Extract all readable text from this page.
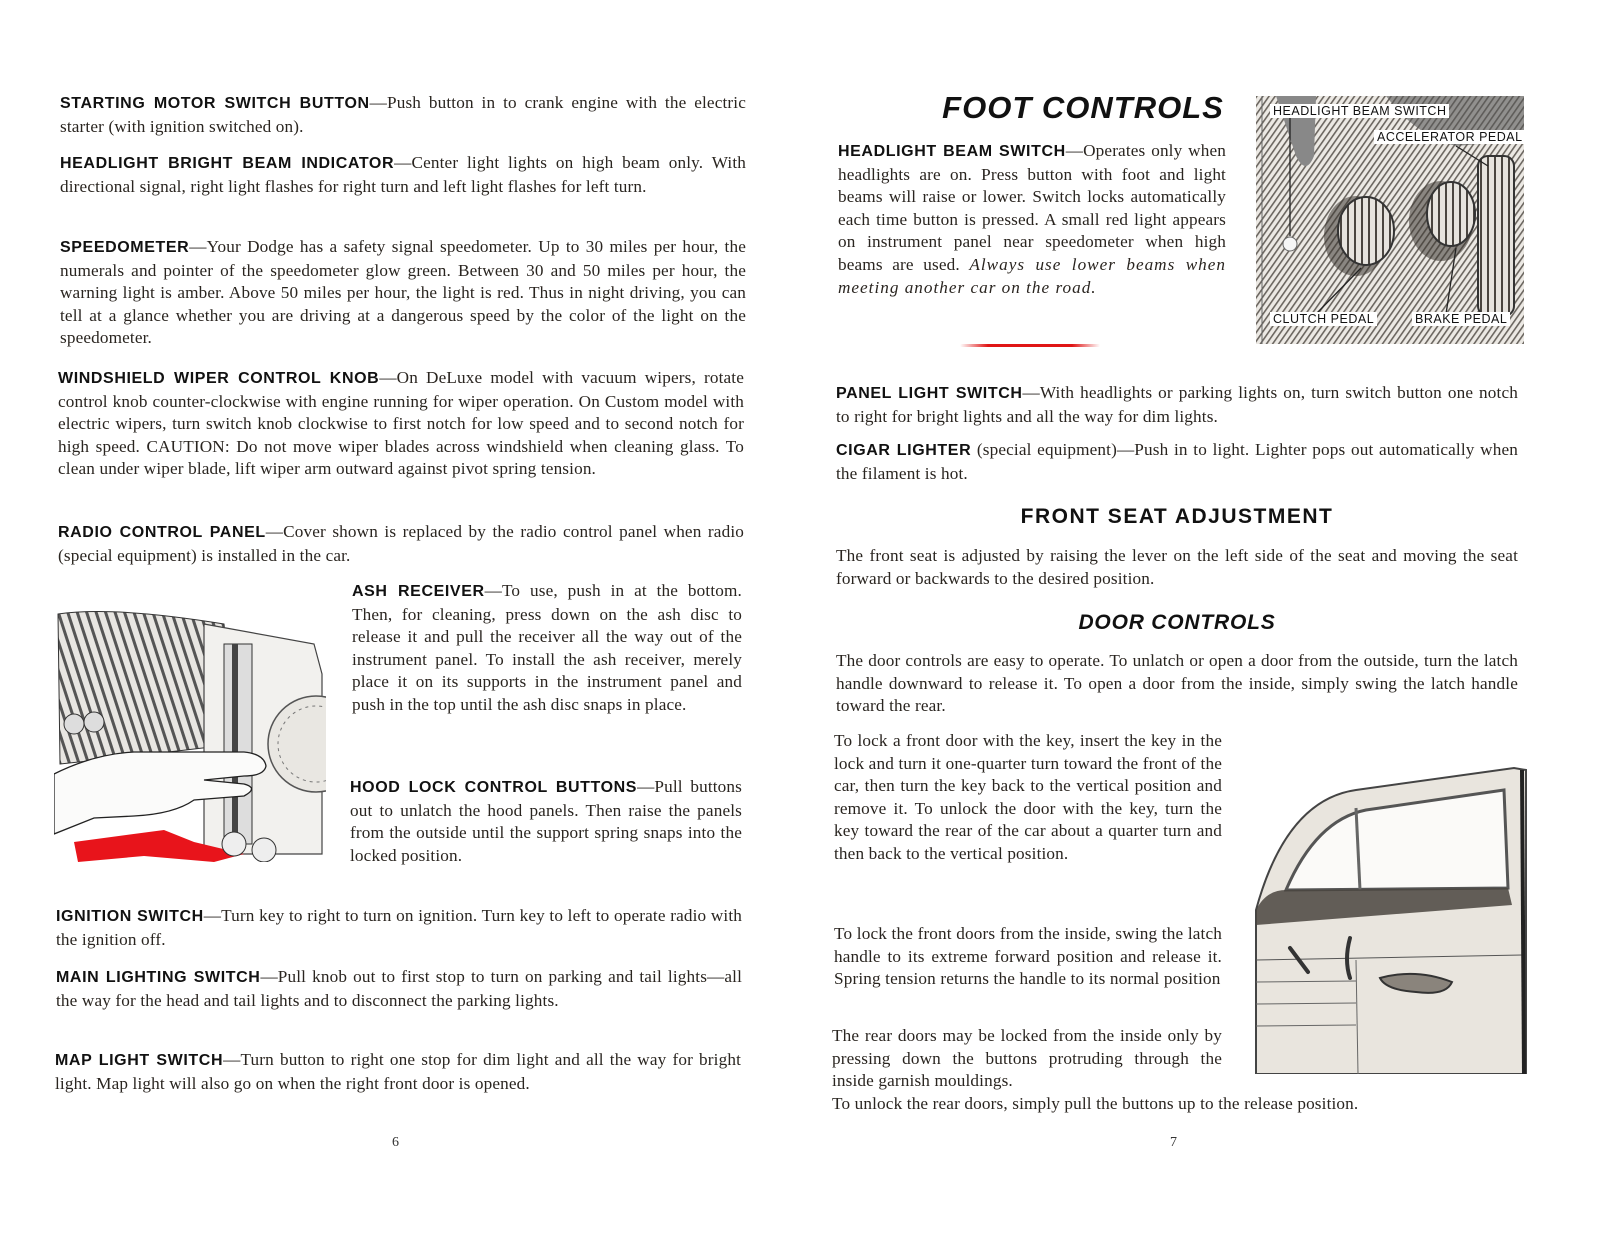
STARTING MOTOR SWITCH BUTTON—Push button in to crank engine with the electric starter (with ignition switched on).
HEADLIGHT BRIGHT BEAM INDICATOR—Center light lights on high beam only. With directional signal, right light flashes for right turn and left light flashes for left turn.
SPEEDOMETER—Your Dodge has a safety signal speedometer. Up to 30 miles per hour, the numerals and pointer of the speedometer glow green. Between 30 and 50 miles per hour, the warning light is amber. Above 50 miles per hour, the light is red. Thus in night driving, you can tell at a glance whether you are driving at a dangerous speed by the color of the light on the speedometer.
WINDSHIELD WIPER CONTROL KNOB—On DeLuxe model with vacuum wipers, rotate control knob counter-clockwise with engine running for wiper operation. On Custom model with electric wipers, turn switch knob clockwise to first notch for low speed and to second notch for high speed. CAUTION: Do not move wiper blades across windshield when cleaning glass. To clean under wiper blade, lift wiper arm outward against pivot spring tension.
RADIO CONTROL PANEL—Cover shown is replaced by the radio control panel when radio (special equipment) is installed in the car.
ASH RECEIVER—To use, push in at the bottom. Then, for cleaning, press down on the ash disc to release it and pull the receiver all the way out of the instrument panel. To install the ash receiver, merely place it on its supports in the instrument panel and push in the top until the ash disc snaps in place.
HOOD LOCK CONTROL BUTTONS—Pull buttons out to unlatch the hood panels. Then raise the panels from the outside until the support spring snaps into the locked position.
IGNITION SWITCH—Turn key to right to turn on ignition. Turn key to left to operate radio with the ignition off.
MAIN LIGHTING SWITCH—Pull knob out to first stop to turn on parking and tail lights—all the way for the head and tail lights and to disconnect the parking lights.
MAP LIGHT SWITCH—Turn button to right one stop for dim light and all the way for bright light. Map light will also go on when the right front door is opened.
6
FOOT CONTROLS
HEADLIGHT BEAM SWITCH—Operates only when headlights are on. Press button with foot and light beams will raise or lower. Switch locks automatically each time button is pressed. A small red light appears on instrument panel near speedometer when high beams are used. Always use lower beams when meeting another car on the road.
HEADLIGHT BEAM SWITCH
ACCELERATOR PEDAL
CLUTCH PEDAL	BRAKE PEDAL
PANEL LIGHT SWITCH—With headlights or parking lights on, turn switch button one notch to right for bright lights and all the way for dim lights.
CIGAR LIGHTER (special equipment)—Push in to light. Lighter pops out automatically when the filament is hot.
FRONT SEAT ADJUSTMENT
The front seat is adjusted by raising the lever on the left side of the seat and moving the seat forward or backwards to the desired position.
DOOR CONTROLS
The door controls are easy to operate. To unlatch or open a door from the outside, turn the latch handle downward to release it. To open a door from the inside, simply swing the latch handle toward the rear.
To lock a front door with the key, insert the key in the lock and turn it one-quarter turn toward the front of the car, then turn the key back to the vertical position and remove it. To unlock the door with the key, turn the key toward the rear of the car about a quarter turn and then back to the vertical position.
To lock the front doors from the inside, swing the latch handle to its extreme forward position and release it. Spring tension returns the handle to its normal position
The rear doors may be locked from the inside only by pressing down the buttons protruding through the inside garnish mouldings.
To unlock the rear doors, simply pull the buttons up to the release position.
7
